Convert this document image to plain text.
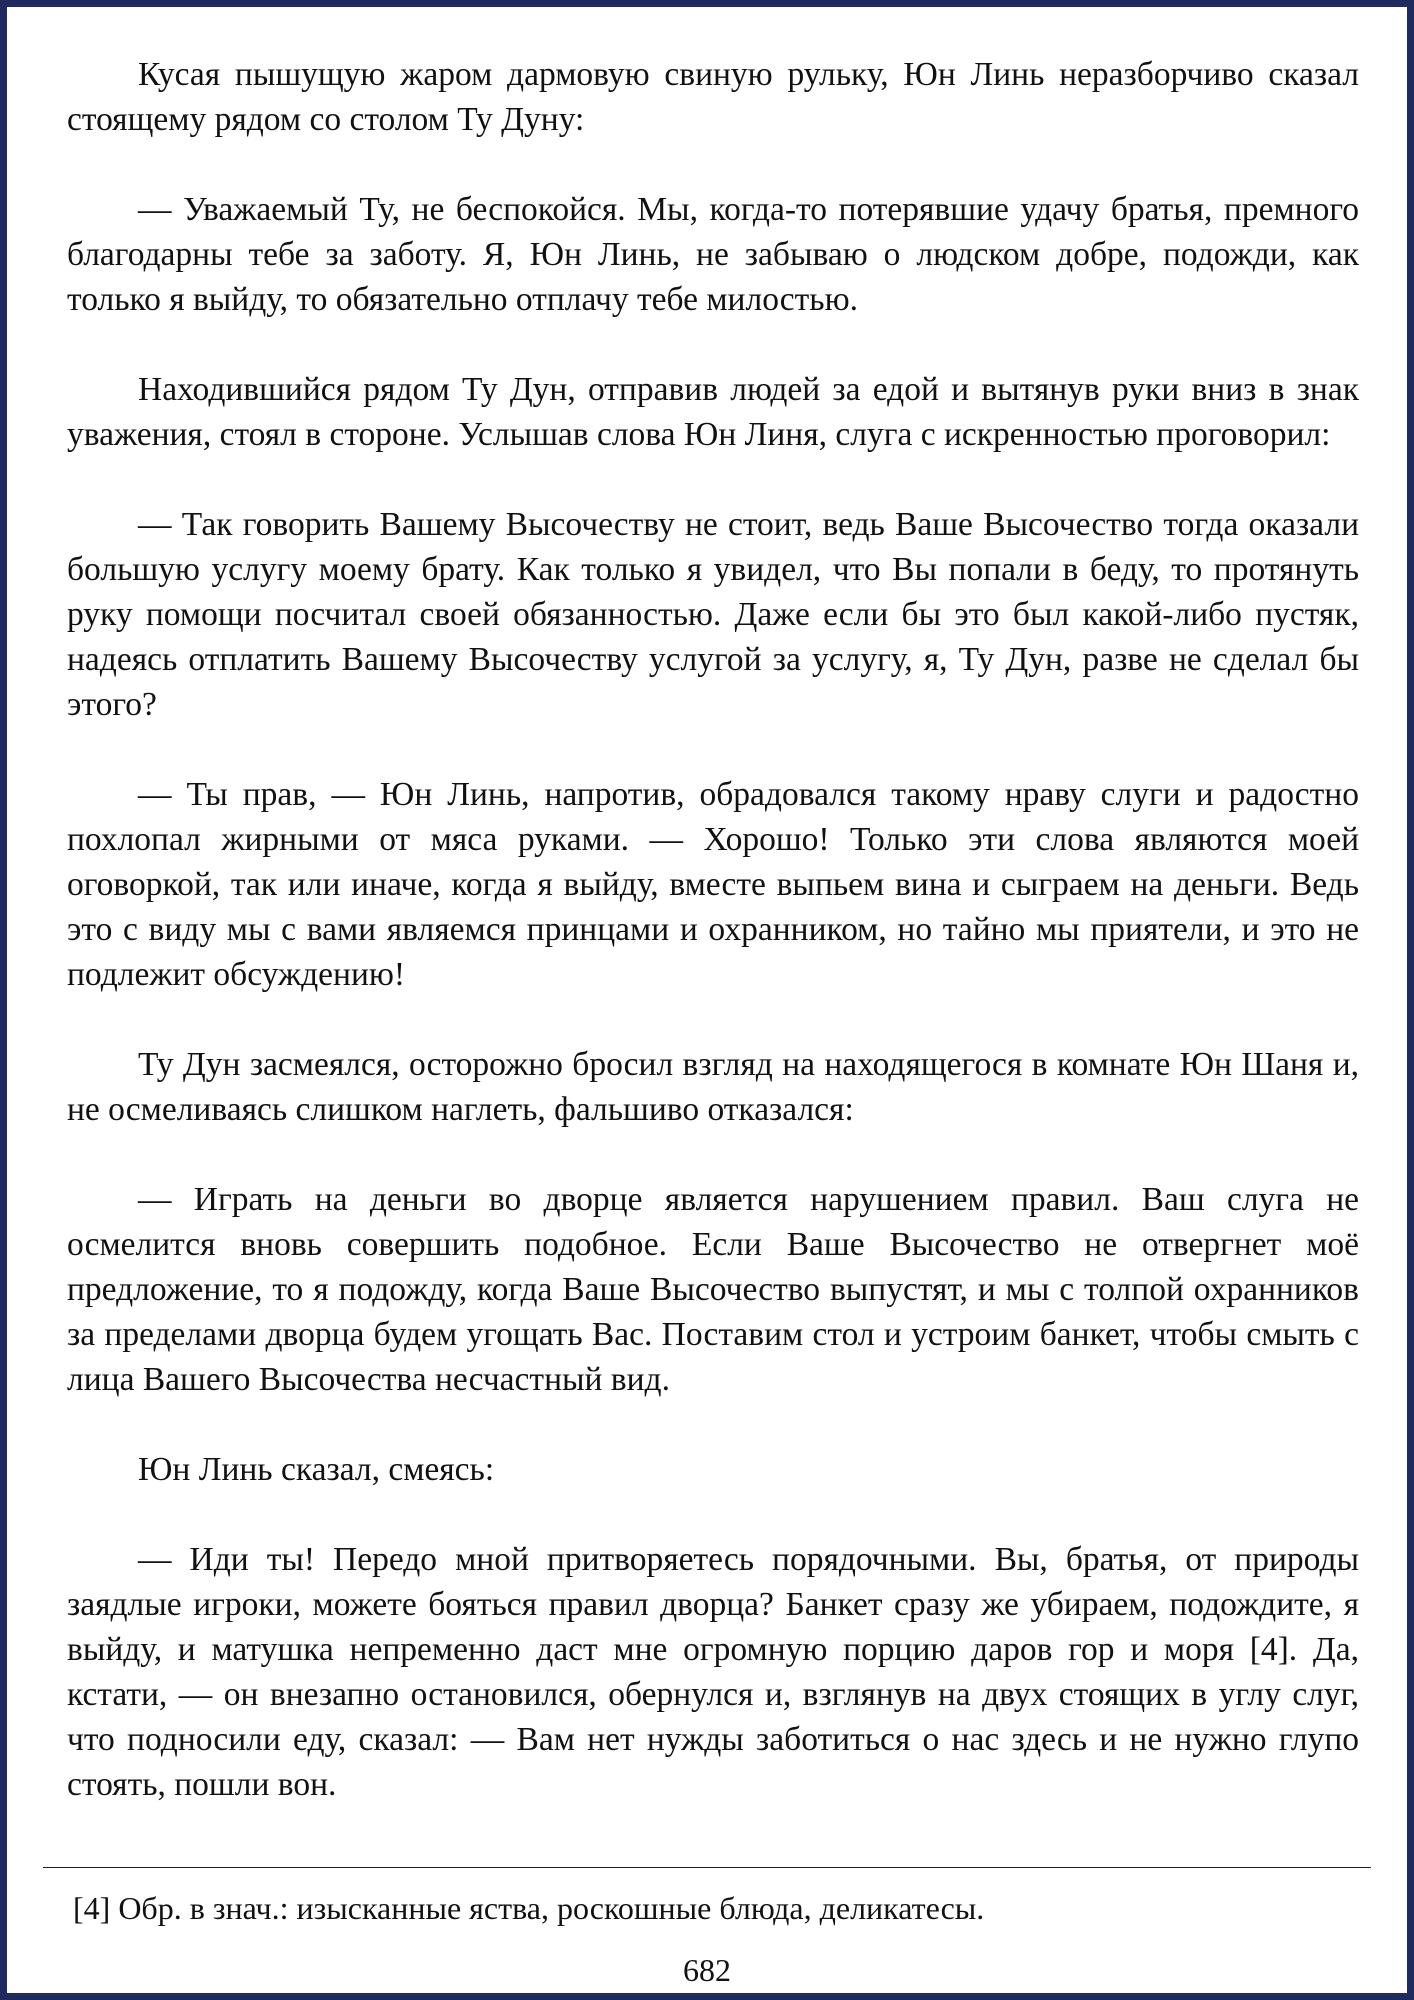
Кусая пышущую жаром дармовую свиную рульку, Юн Линь неразборчиво сказал стоящему рядом со столом Ту Дуну:

— Уважаемый Ту, не беспокойся. Мы, когда-то потерявшие удачу братья, премного благодарны тебе за заботу. Я, Юн Линь, не забываю о людском добре, подожди, как только я выйду, то обязательно отплачу тебе милостью.

Находившийся рядом Ту Дун, отправив людей за едой и вытянув руки вниз в знак уважения, стоял в стороне. Услышав слова Юн Линя, слуга с искренностью проговорил:

— Так говорить Вашему Высочеству не стоит, ведь Ваше Высочество тогда оказали большую услугу моему брату. Как только я увидел, что Вы попали в беду, то протянуть руку помощи посчитал своей обязанностью. Даже если бы это был какой-либо пустяк, надеясь отплатить Вашему Высочеству услугой за услугу, я, Ту Дун, разве не сделал бы этого?

— Ты прав, — Юн Линь, напротив, обрадовался такому нраву слуги и радостно похлопал жирными от мяса руками. — Хорошо! Только эти слова являются моей оговоркой, так или иначе, когда я выйду, вместе выпьем вина и сыграем на деньги. Ведь это с виду мы с вами являемся принцами и охранником, но тайно мы приятели, и это не подлежит обсуждению!

Ту Дун засмеялся, осторожно бросил взгляд на находящегося в комнате Юн Шаня и, не осмеливаясь слишком наглеть, фальшиво отказался:

— Играть на деньги во дворце является нарушением правил. Ваш слуга не осмелится вновь совершить подобное. Если Ваше Высочество не отвергнет моё предложение, то я подожду, когда Ваше Высочество выпустят, и мы с толпой охранников за пределами дворца будем угощать Вас. Поставим стол и устроим банкет, чтобы смыть с лица Вашего Высочества несчастный вид.

Юн Линь сказал, смеясь:

— Иди ты! Передо мной притворяетесь порядочными. Вы, братья, от природы заядлые игроки, можете бояться правил дворца? Банкет сразу же убираем, подождите, я выйду, и матушка непременно даст мне огромную порцию даров гор и моря [4]. Да, кстати, — он внезапно остановился, обернулся и, взглянув на двух стоящих в углу слуг, что подносили еду, сказал: — Вам нет нужды заботиться о нас здесь и не нужно глупо стоять, пошли вон.

[4] Обр. в знач.: изысканные яства, роскошные блюда, деликатесы.
682
